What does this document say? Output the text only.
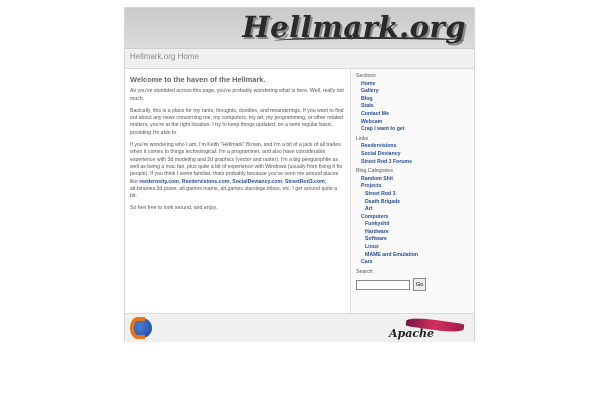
Hellmark.org
Hellmark.org Home
Welcome to the haven of the Hellmark.

As you've stumbled across this page, you're probably wondering what is here. Well, really not much.

Basically, this is a place for my rants, thoughts, doodles, and meanderings. If you want to find out about any news concerning me, my computers, my art, my programming, or other related matters, you're at the right location. I try to keep things updated, on a semi regular basic, providing I'm able to.

If you're wondering who I am, I'm Keith "Hellmark" Brown, and I'm a bit of a jack of all trades when it comes to things technological. I'm a programmer, and also have considerable experience with 3d modeling and 2d graphics (vector and raster). I'm a big penguinphile as well as being a mac fan, plus quite a bit of experience with Windows (usually from fixing it for people). If you think I seem familiar, thats probably because you've seen me around places like reederosity.com, Reedervisions.com, SocialDeviancy.com, StreetRod3.com, alt.binaries.3d.poser, alt.games.mame, alt.games.starsiege.tribes, etc. I get around quite a bit.

So feel free to look around, and enjoy.

Sections
Home
Gallery
Blog
Stats
Contact Me
Webcam
Crap I want to get
Links
Reedervisions
Social Deviancy
Street Rod 3 Forums
Blog Categories
Random Shit
Projects
Street Rod 3
Death Brigade
Art
Computers
Funkyshit
Hardware
Software
Linux
MAME and Emulation
Cars
Search:
Go
Apache
